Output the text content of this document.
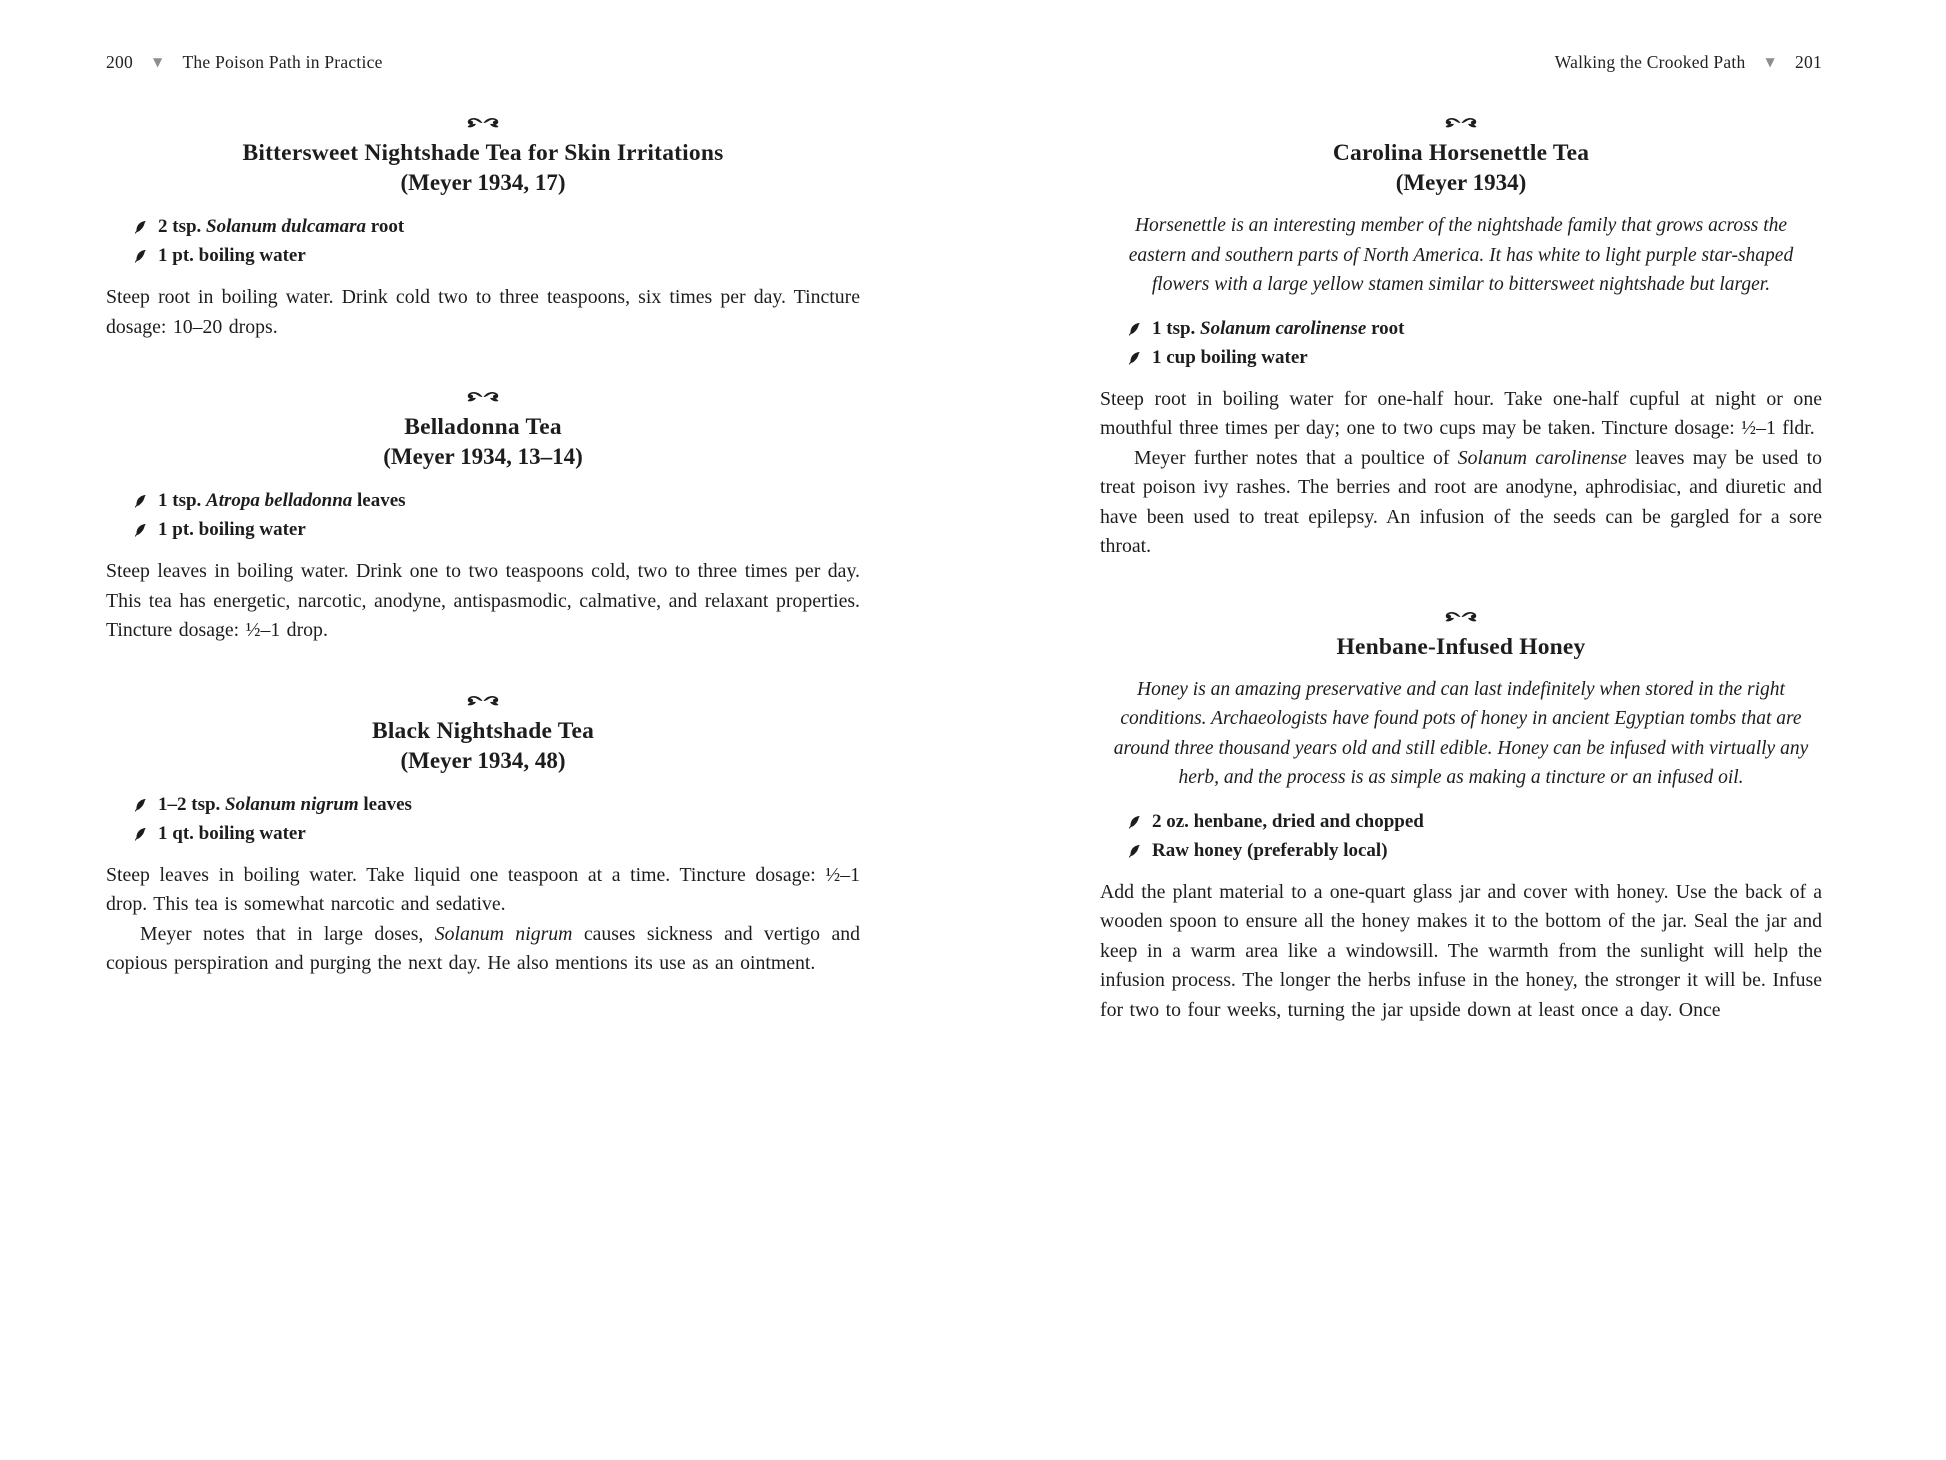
200 ▼ The Poison Path in Practice
Bittersweet Nightshade Tea for Skin Irritations
(Meyer 1934, 17)
2 tsp. Solanum dulcamara root
1 pt. boiling water

Steep root in boiling water. Drink cold two to three teaspoons, six times per day. Tincture dosage: 10–20 drops.

Belladonna Tea
(Meyer 1934, 13–14)
1 tsp. Atropa belladonna leaves
1 pt. boiling water

Steep leaves in boiling water. Drink one to two teaspoons cold, two to three times per day. This tea has energetic, narcotic, anodyne, antispasmodic, calmative, and relaxant properties. Tincture dosage: ½–1 drop.

Black Nightshade Tea
(Meyer 1934, 48)
1–2 tsp. Solanum nigrum leaves
1 qt. boiling water

Steep leaves in boiling water. Take liquid one teaspoon at a time. Tincture dosage: ½–1 drop. This tea is somewhat narcotic and sedative.

Meyer notes that in large doses, Solanum nigrum causes sickness and vertigo and copious perspiration and purging the next day. He also mentions its use as an ointment.

Walking the Crooked Path ▼ 201
Carolina Horsenettle Tea
(Meyer 1934)
Horsenettle is an interesting member of the nightshade family that grows across the eastern and southern parts of North America. It has white to light purple star-shaped flowers with a large yellow stamen similar to bittersweet nightshade but larger.
1 tsp. Solanum carolinense root
1 cup boiling water

Steep root in boiling water for one-half hour. Take one-half cupful at night or one mouthful three times per day; one to two cups may be taken. Tincture dosage: ½–1 fldr.

Meyer further notes that a poultice of Solanum carolinense leaves may be used to treat poison ivy rashes. The berries and root are anodyne, aphrodisiac, and diuretic and have been used to treat epilepsy. An infusion of the seeds can be gargled for a sore throat.

Henbane-Infused Honey
Honey is an amazing preservative and can last indefinitely when stored in the right conditions. Archaeologists have found pots of honey in ancient Egyptian tombs that are around three thousand years old and still edible. Honey can be infused with virtually any herb, and the process is as simple as making a tincture or an infused oil.
2 oz. henbane, dried and chopped
Raw honey (preferably local)

Add the plant material to a one-quart glass jar and cover with honey. Use the back of a wooden spoon to ensure all the honey makes it to the bottom of the jar. Seal the jar and keep in a warm area like a windowsill. The warmth from the sunlight will help the infusion process. The longer the herbs infuse in the honey, the stronger it will be. Infuse for two to four weeks, turning the jar upside down at least once a day. Once
